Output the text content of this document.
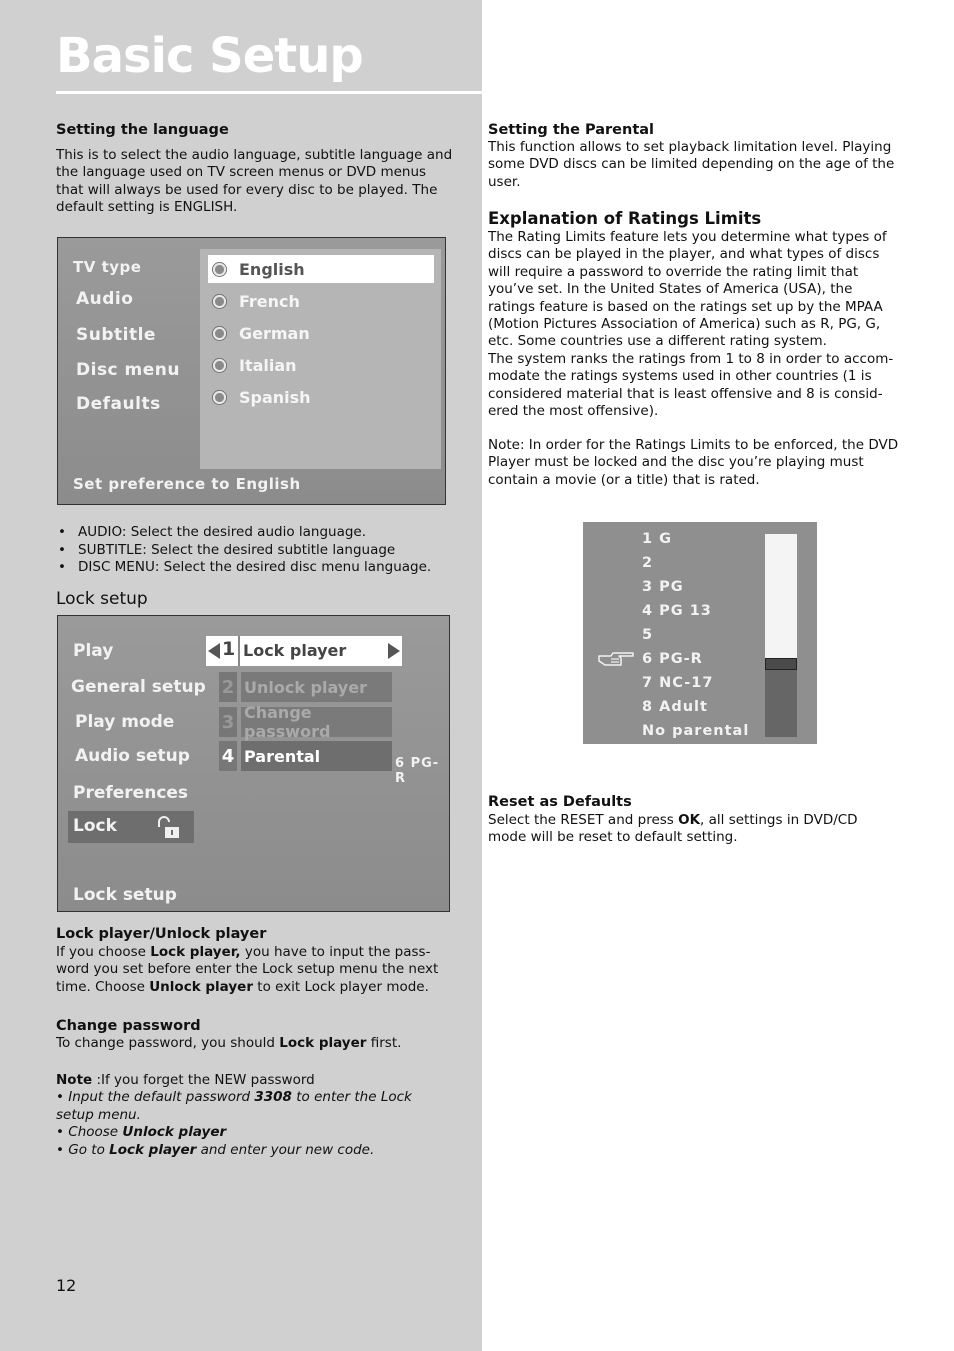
Basic Setup

Setting the language

This is to select the audio language, subtitle language and the language used on TV screen menus or DVD menus that will always be used for every disc to be played. The default setting is ENGLISH.

TV type
Audio
Subtitle
Disc menu
Defaults
English
French
German
Italian
Spanish
Set preference to English
• AUDIO: Select the desired audio language.
• SUBTITLE: Select the desired subtitle language
• DISC MENU: Select the desired disc menu language.

Lock setup

Play
General setup
Play mode
Audio setup
Preferences
Lock
1 Lock player
2 Unlock player
3 Change password
4 Parental	6 PG-R
Lock setup

Lock player/Unlock player

If you choose Lock player, you have to input the pass-word you set before enter the Lock setup menu the next time. Choose Unlock player to exit Lock player mode.

Change password

To change password, you should Lock player first.

Note :If you forget the NEW password
• Input the default password 3308 to enter the Lock setup menu.
• Choose Unlock player
• Go to Lock player and enter your new code.
12

Setting the Parental

This function allows to set playback limitation level. Playing some DVD discs can be limited depending on the age of the user.

Explanation of Ratings Limits

The Rating Limits feature lets you determine what types of discs can be played in the player, and what types of discs will require a password to override the rating limit that you’ve set. In the United States of America (USA), the ratings feature is based on the ratings set up by the MPAA (Motion Pictures Association of America) such as R, PG, G, etc. Some countries use a different rating system.

The system ranks the ratings from 1 to 8 in order to accom-modate the ratings systems used in other countries (1 is considered material that is least offensive and 8 is consid-ered the most offensive).

Note: In order for the Ratings Limits to be enforced, the DVD Player must be locked and the disc you’re playing must contain a movie (or a title) that is rated.

1 G
2
3 PG
4 PG 13
5
6 PG-R
7 NC-17
8 Adult
No parental

Reset as Defaults

Select the RESET and press OK, all settings in DVD/CD mode will be reset to default setting.
